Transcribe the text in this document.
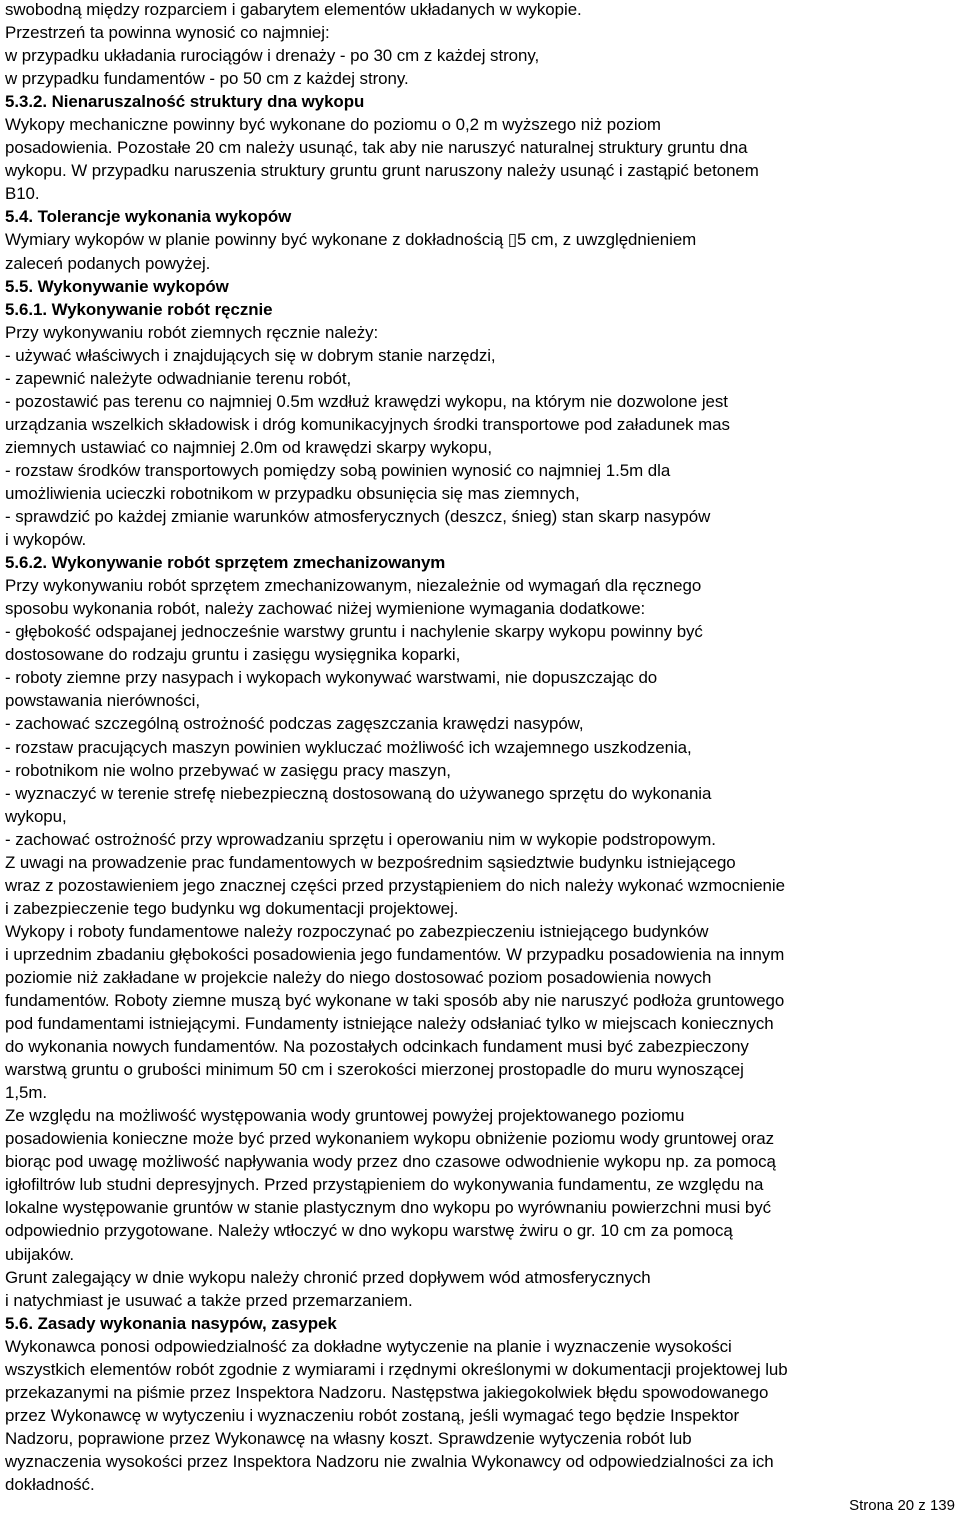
swobodną między rozparciem i gabarytem elementów układanych w wykopie.
Przestrzeń ta powinna wynosić co najmniej:
w przypadku układania rurociągów i drenaży - po 30 cm z każdej strony,
w przypadku fundamentów - po 50 cm z każdej strony.
5.3.2. Nienaruszalność struktury dna wykopu
Wykopy mechaniczne powinny być wykonane do poziomu o 0,2 m wyższego niż poziom
posadowienia. Pozostałe 20 cm należy usunąć, tak aby nie naruszyć naturalnej struktury gruntu dna
wykopu. W przypadku naruszenia struktury gruntu grunt naruszony należy usunąć i zastąpić betonem
B10.
5.4. Tolerancje wykonania wykopów
Wymiary wykopów w planie powinny być wykonane z dokładnością ▯5 cm, z uwzględnieniem
zaleceń podanych powyżej.
5.5. Wykonywanie wykopów
5.6.1. Wykonywanie robót ręcznie
Przy wykonywaniu robót ziemnych ręcznie należy:
- używać właściwych i znajdujących się w dobrym stanie narzędzi,
- zapewnić należyte odwadnianie terenu robót,
- pozostawić pas terenu co najmniej 0.5m wzdłuż krawędzi wykopu, na którym nie dozwolone jest
urządzania wszelkich składowisk i dróg komunikacyjnych środki transportowe pod załadunek mas
ziemnych ustawiać co najmniej 2.0m od krawędzi skarpy wykopu,
- rozstaw środków transportowych pomiędzy sobą powinien wynosić co najmniej 1.5m dla
umożliwienia ucieczki robotnikom w przypadku obsunięcia się mas ziemnych,
- sprawdzić po każdej zmianie warunków atmosferycznych (deszcz, śnieg) stan skarp nasypów
i wykopów.
5.6.2. Wykonywanie robót sprzętem zmechanizowanym
Przy wykonywaniu robót sprzętem zmechanizowanym, niezależnie od wymagań dla ręcznego
sposobu wykonania robót, należy zachować niżej wymienione wymagania dodatkowe:
- głębokość odspajanej jednocześnie warstwy gruntu i nachylenie skarpy wykopu powinny być
dostosowane do rodzaju gruntu i zasięgu wysięgnika koparki,
- roboty ziemne przy nasypach i wykopach wykonywać warstwami, nie dopuszczając do
powstawania nierówności,
- zachować szczególną ostrożność podczas zagęszczania krawędzi nasypów,
- rozstaw pracujących maszyn powinien wykluczać możliwość ich wzajemnego uszkodzenia,
- robotnikom nie wolno przebywać w zasięgu pracy maszyn,
- wyznaczyć w terenie strefę niebezpieczną dostosowaną do używanego sprzętu do wykonania
wykopu,
- zachować ostrożność przy wprowadzaniu sprzętu i operowaniu nim w wykopie podstropowym.
Z uwagi na prowadzenie prac fundamentowych w bezpośrednim sąsiedztwie budynku istniejącego
wraz z pozostawieniem jego znacznej części przed przystąpieniem do nich należy wykonać wzmocnienie
i zabezpieczenie tego budynku wg dokumentacji projektowej.
Wykopy i roboty fundamentowe należy rozpoczynać po zabezpieczeniu istniejącego budynków
i uprzednim zbadaniu głębokości posadowienia jego fundamentów. W przypadku posadowienia na innym
poziomie niż zakładane w projekcie należy do niego dostosować poziom posadowienia nowych
fundamentów. Roboty ziemne muszą być wykonane w taki sposób aby nie naruszyć podłoża gruntowego
pod fundamentami istniejącymi. Fundamenty istniejące należy odsłaniać tylko w miejscach koniecznych
do wykonania nowych fundamentów. Na pozostałych odcinkach fundament musi być zabezpieczony
warstwą gruntu o grubości minimum 50 cm i szerokości mierzonej prostopadle do muru wynoszącej
1,5m.
Ze względu na możliwość występowania wody gruntowej powyżej projektowanego poziomu
posadowienia konieczne może być przed wykonaniem wykopu obniżenie poziomu wody gruntowej oraz
biorąc pod uwagę możliwość napływania wody przez dno czasowe odwodnienie wykopu np. za pomocą
igłofiltrów lub studni depresyjnych. Przed przystąpieniem do wykonywania fundamentu, ze względu na
lokalne występowanie gruntów w stanie plastycznym dno wykopu po wyrównaniu powierzchni musi być
odpowiednio przygotowane. Należy wtłoczyć w dno wykopu warstwę żwiru o gr. 10 cm za pomocą
ubijaków.
Grunt zalegający w dnie wykopu należy chronić przed dopływem wód atmosferycznych
i natychmiast je usuwać a także przed przemarzaniem.
5.6. Zasady wykonania nasypów, zasypek
Wykonawca ponosi odpowiedzialność za dokładne wytyczenie na planie i wyznaczenie wysokości
wszystkich elementów robót zgodnie z wymiarami i rzędnymi określonymi w dokumentacji projektowej lub
przekazanymi na piśmie przez Inspektora Nadzoru. Następstwa jakiegokolwiek błędu spowodowanego
przez Wykonawcę w wytyczeniu i wyznaczeniu robót zostaną, jeśli wymagać tego będzie Inspektor
Nadzoru, poprawione przez Wykonawcę na własny koszt. Sprawdzenie wytyczenia robót lub
wyznaczenia wysokości przez Inspektora Nadzoru nie zwalnia Wykonawcy od odpowiedzialności za ich
dokładność.
Strona 20 z 139
